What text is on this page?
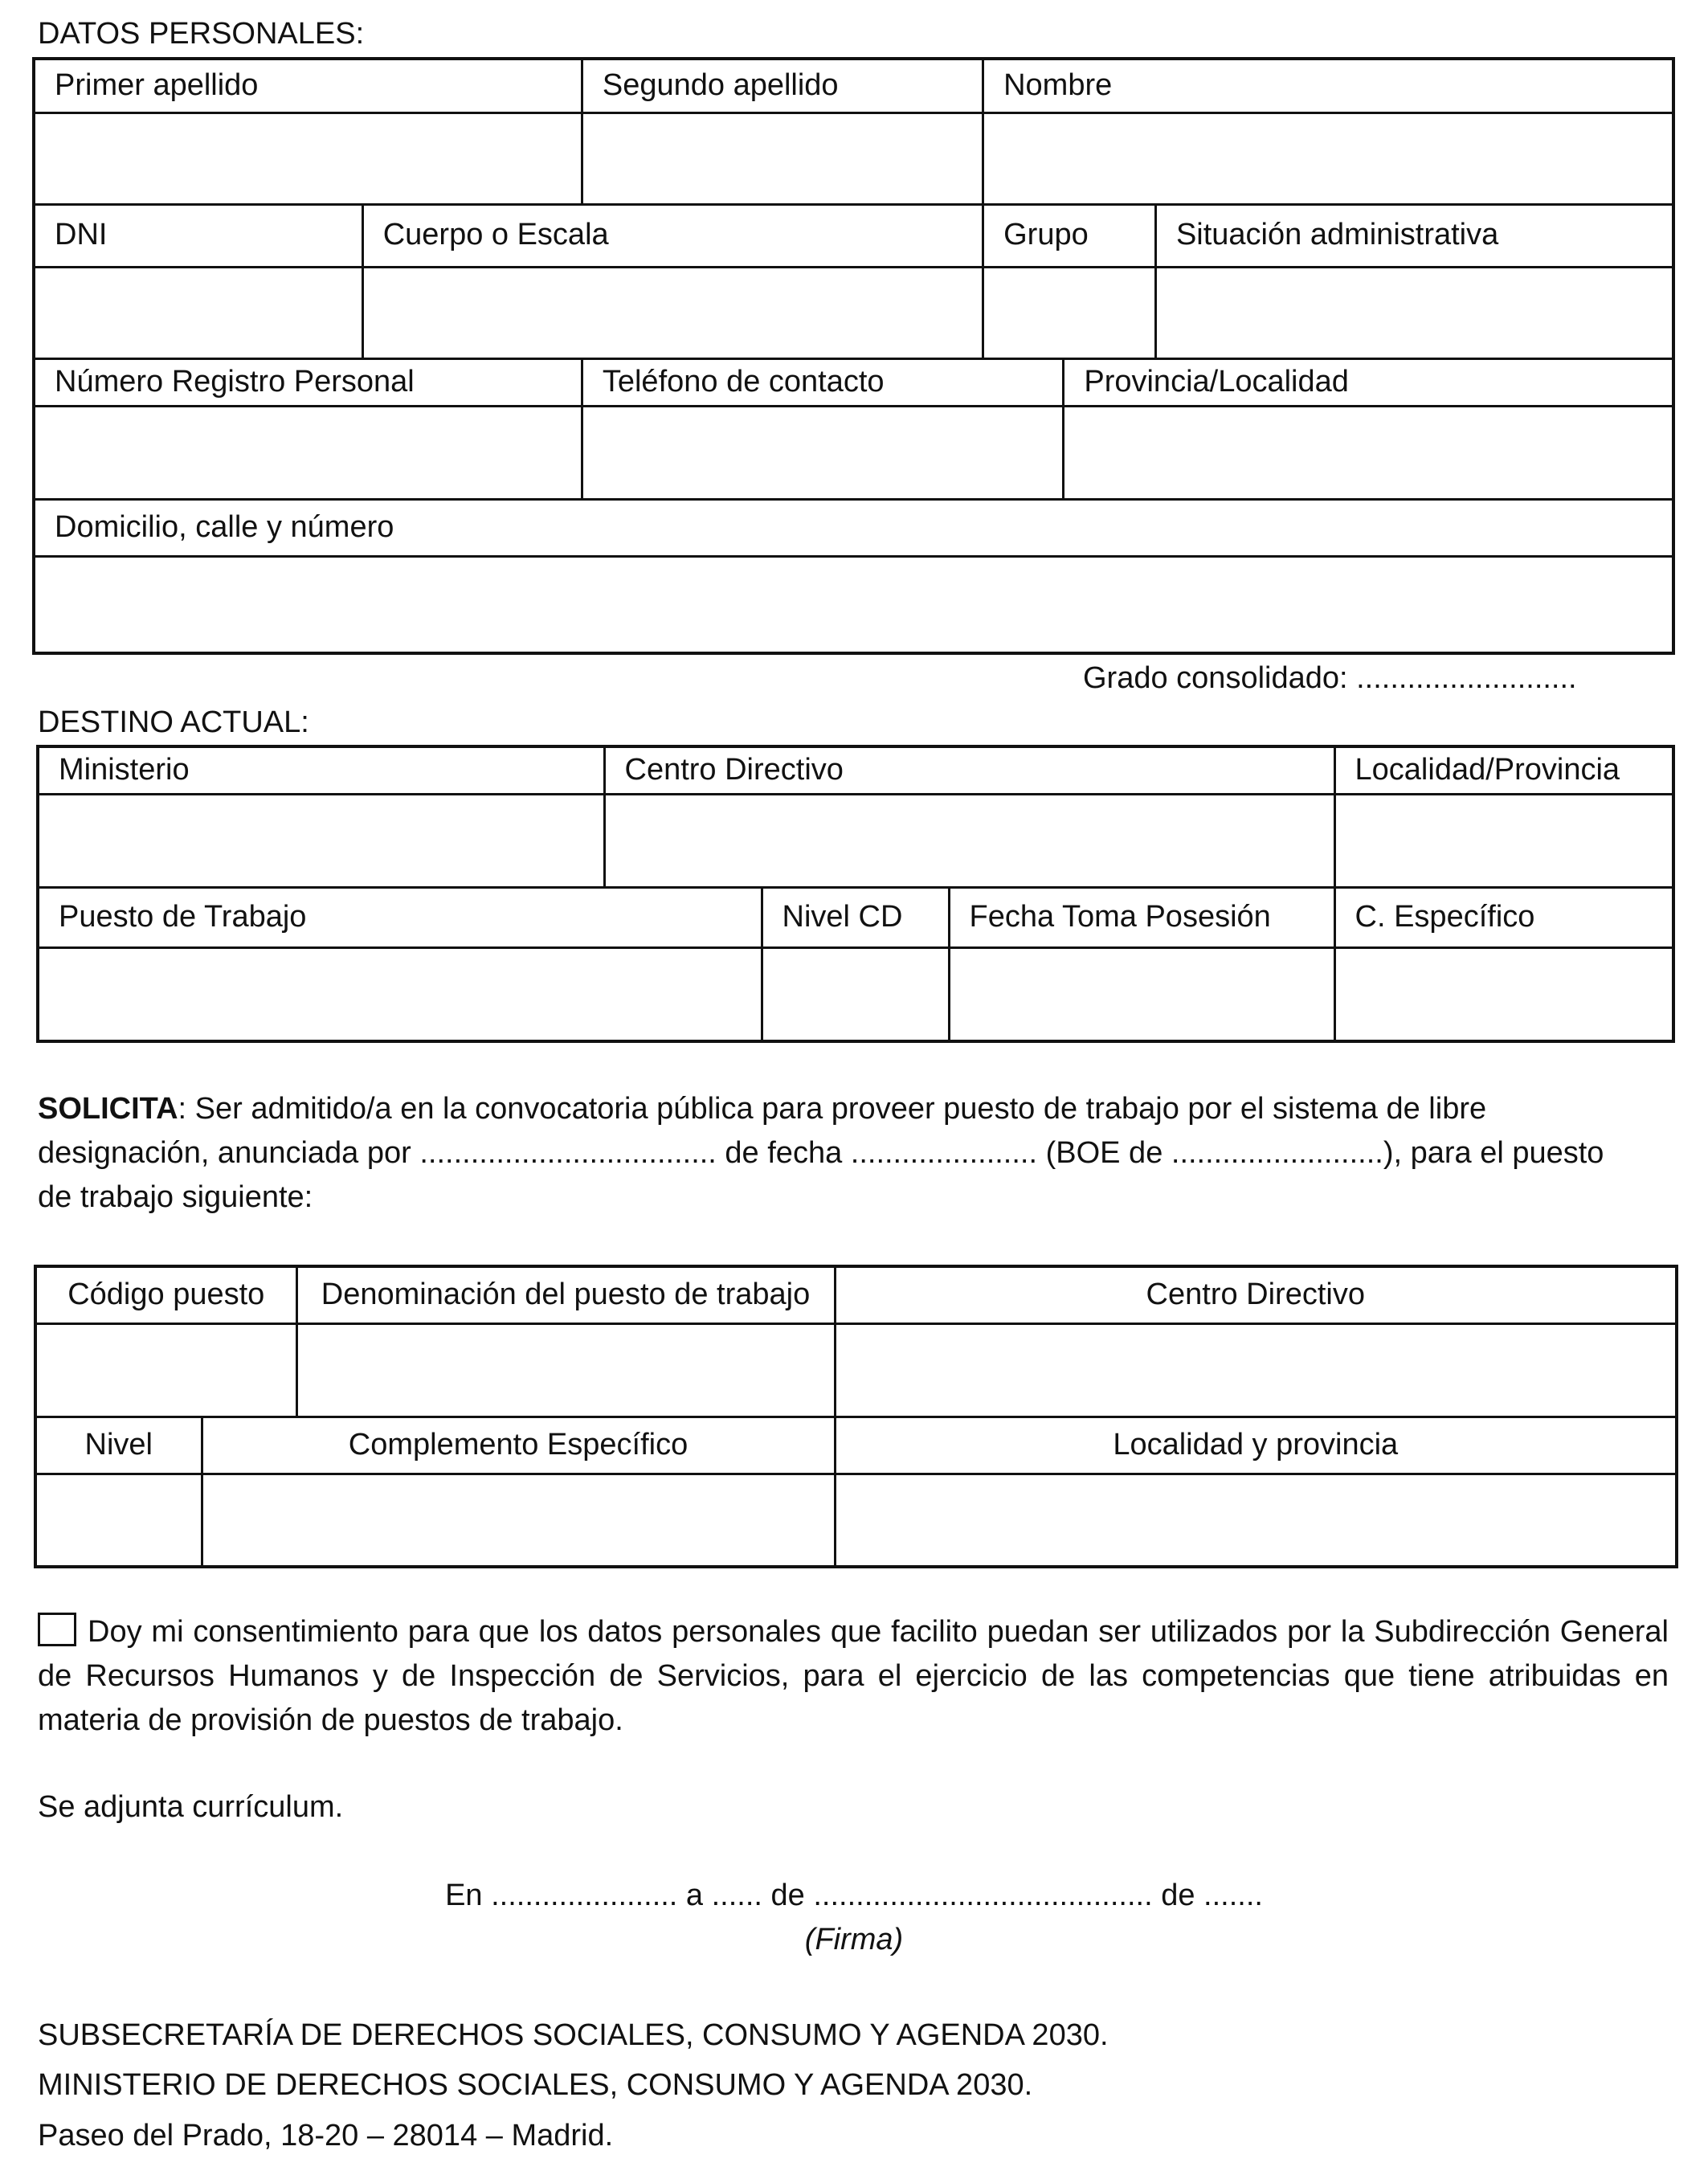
DATOS PERSONALES:
Primer apellido		Segundo apellido	Nombre		

DNI	Cuerpo o Escala		Grupo		Situación administrativa

Número Registro Personal		Teléfono de contacto		Provincia/Localidad	

Domicilio, calle y número					

Grado consolidado: ..........................
DESTINO ACTUAL:
Ministerio	Centro Directivo			Localidad/Provincia

Puesto de Trabajo		Nivel CD	Fecha Toma Posesión	C. Específico

SOLICITA: Ser admitido/a en la convocatoria pública para proveer puesto de trabajo por el sistema de libre designación, anunciada por ................................... de fecha ...................... (BOE de .........................), para el puesto de trabajo siguiente:
Código puesto		Denominación del puesto de trabajo	Centro Directivo

Nivel	Complemento Específico		Localidad y provincia

Doy mi consentimiento para que los datos personales que facilito puedan ser utilizados por la Subdirección General de Recursos Humanos y de Inspección de Servicios, para el ejercicio de las competencias que tiene atribuidas en materia de provisión de puestos de trabajo.
Se adjunta currículum.
En ...................... a ...... de ........................................ de .......
(Firma)
SUBSECRETARÍA DE DERECHOS SOCIALES, CONSUMO Y AGENDA 2030.
MINISTERIO DE DERECHOS SOCIALES, CONSUMO Y AGENDA 2030.
Paseo del Prado, 18-20 – 28014 – Madrid.
